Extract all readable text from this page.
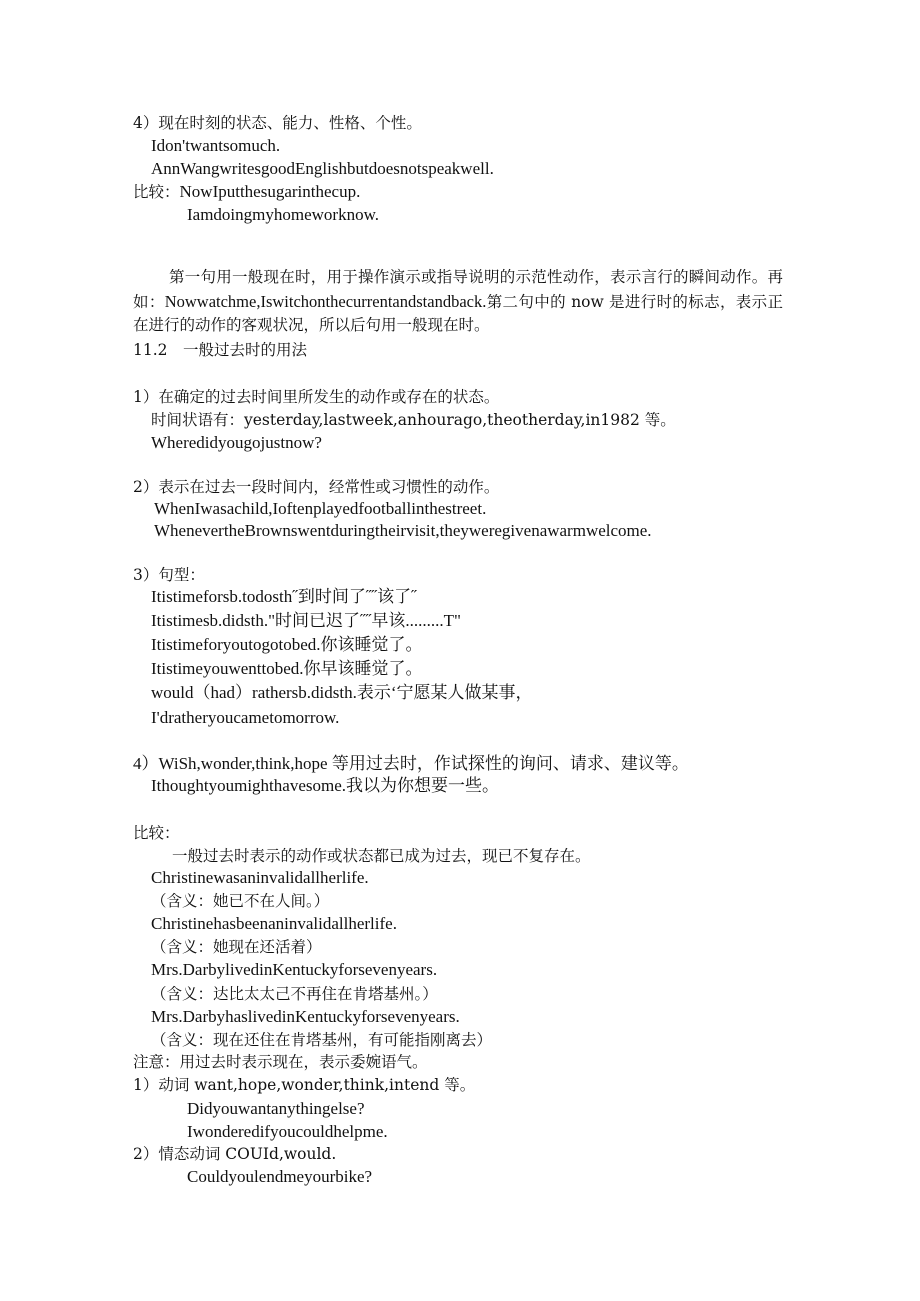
4）现在时刻的状态、能力、性格、个性。
Idon'twantsomuch.
AnnWangwritesgoodEnglishbutdoesnotspeakwell.
比较：NowIputthesugarinthecup.
Iamdoingmyhomeworknow.
第一句用一般现在时，用于操作演示或指导说明的示范性动作，表示言行的瞬间动作。再如：Nowwatchme,Iswitchonthecurrentandstandback.第二句中的 now 是进行时的标志，表示正在进行的动作的客观状况，所以后句用一般现在时。
11.2　一般过去时的用法
1）在确定的过去时间里所发生的动作或存在的状态。
时间状语有：yesterday,lastweek,anhourago,theotherday,in1982 等。
Wheredidyougojustnow?
2）表示在过去一段时间内，经常性或习惯性的动作。
WhenIwasachild,Ioftenplayedfootballinthestreet.
WhenevertheBrownswentduringtheirvisit,theyweregivenawarmwelcome.
3）句型：
Itistimeforsb.todosth˝到时间了˝˝该了˝
Itistimesb.didsth."时间已迟了˝˝早该.........T"
Itistimeforyoutogotobed.你该睡觉了。
Itistimeyouwenttobed.你早该睡觉了。
would（had）rathersb.didsth.表示‘宁愿某人做某事，
I'dratheryoucametomorrow.
4）WiSh,wonder,think,hope 等用过去时，作试探性的询问、请求、建议等。
Ithoughtyoumighthavesome.我以为你想要一些。
比较：
一般过去时表示的动作或状态都已成为过去，现已不复存在。
Christinewasaninvalidallherlife.
（含义：她已不在人间。）
Christinehasbeenaninvalidallherlife.
（含义：她现在还活着）
Mrs.DarbylivedinKentuckyforsevenyears.
（含义：达比太太己不再住在肯塔基州。）
Mrs.DarbyhaslivedinKentuckyforsevenyears.
（含义：现在还住在肯塔基州，有可能指刚离去）
注意：用过去时表示现在，表示委婉语气。
1）动词 want,hope,wonder,think,intend 等。
Didyouwantanythingelse?
Iwonderedifyoucouldhelpme.
2）情态动词 COUId,would.
Couldyoulendmeyourbike?
